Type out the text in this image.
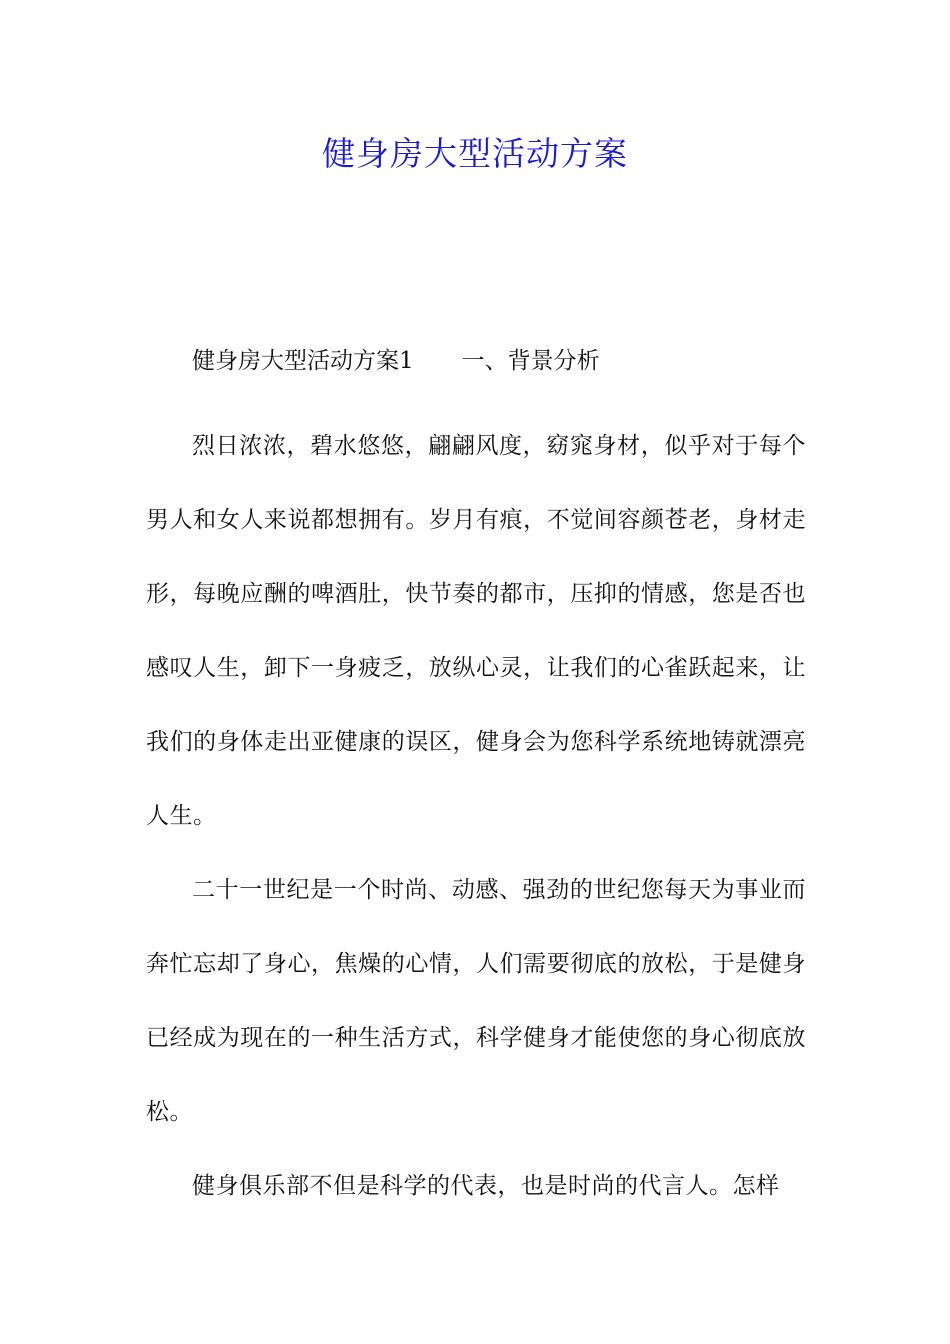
健身房大型活动方案

健身房大型活动方案1 一、背景分析

烈日浓浓，碧水悠悠，翩翩风度，窈窕身材，似乎对于每个男人和女人来说都想拥有。岁月有痕，不觉间容颜苍老，身材走形，每晚应酬的啤酒肚，快节奏的都市，压抑的情感，您是否也感叹人生，卸下一身疲乏，放纵心灵，让我们的心雀跃起来，让我们的身体走出亚健康的误区，健身会为您科学系统地铸就漂亮人生。

二十一世纪是一个时尚、动感、强劲的世纪您每天为事业而奔忙忘却了身心，焦燥的心情，人们需要彻底的放松，于是健身已经成为现在的一种生活方式，科学健身才能使您的身心彻底放松。

健身俱乐部不但是科学的代表，也是时尚的代言人。怎样
